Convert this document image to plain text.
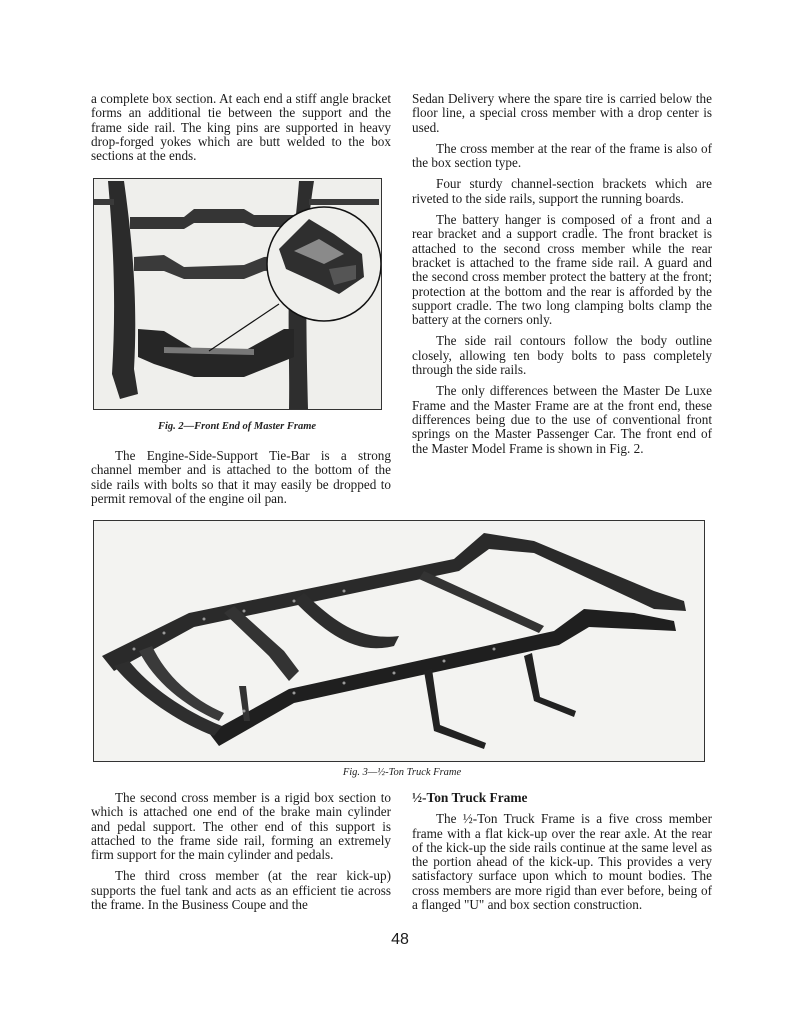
a complete box section. At each end a stiff angle bracket forms an additional tie between the support and the frame side rail. The king pins are supported in heavy drop-forged yokes which are butt welded to the box sections at the ends.

Fig. 2—Front End of Master Frame

The Engine-Side-Support Tie-Bar is a strong channel member and is attached to the bottom of the side rails with bolts so that it may easily be dropped to permit removal of the engine oil pan.

Sedan Delivery where the spare tire is carried below the floor line, a special cross member with a drop center is used.

The cross member at the rear of the frame is also of the box section type.

Four sturdy channel-section brackets which are riveted to the side rails, support the running boards.

The battery hanger is composed of a front and a rear bracket and a support cradle. The front bracket is attached to the second cross member while the rear bracket is attached to the frame side rail. A guard and the second cross member protect the battery at the front; protection at the bottom and the rear is afforded by the support cradle. The two long clamping bolts clamp the battery at the corners only.

The side rail contours follow the body outline closely, allowing ten body bolts to pass completely through the side rails.

The only differences between the Master De Luxe Frame and the Master Frame are at the front end, these differences being due to the use of conventional front springs on the Master Passenger Car. The front end of the Master Model Frame is shown in Fig. 2.

Fig. 3—½-Ton Truck Frame

The second cross member is a rigid box section to which is attached one end of the brake main cylinder and pedal support. The other end of this support is attached to the frame side rail, forming an extremely firm support for the main cylinder and pedals.

The third cross member (at the rear kick-up) supports the fuel tank and acts as an efficient tie across the frame. In the Business Coupe and the

½-Ton Truck Frame

The ½-Ton Truck Frame is a five cross member frame with a flat kick-up over the rear axle. At the rear of the kick-up the side rails continue at the same level as the portion ahead of the kick-up. This provides a very satisfactory surface upon which to mount bodies. The cross members are more rigid than ever before, being of a flanged "U" and box section construction.

48
